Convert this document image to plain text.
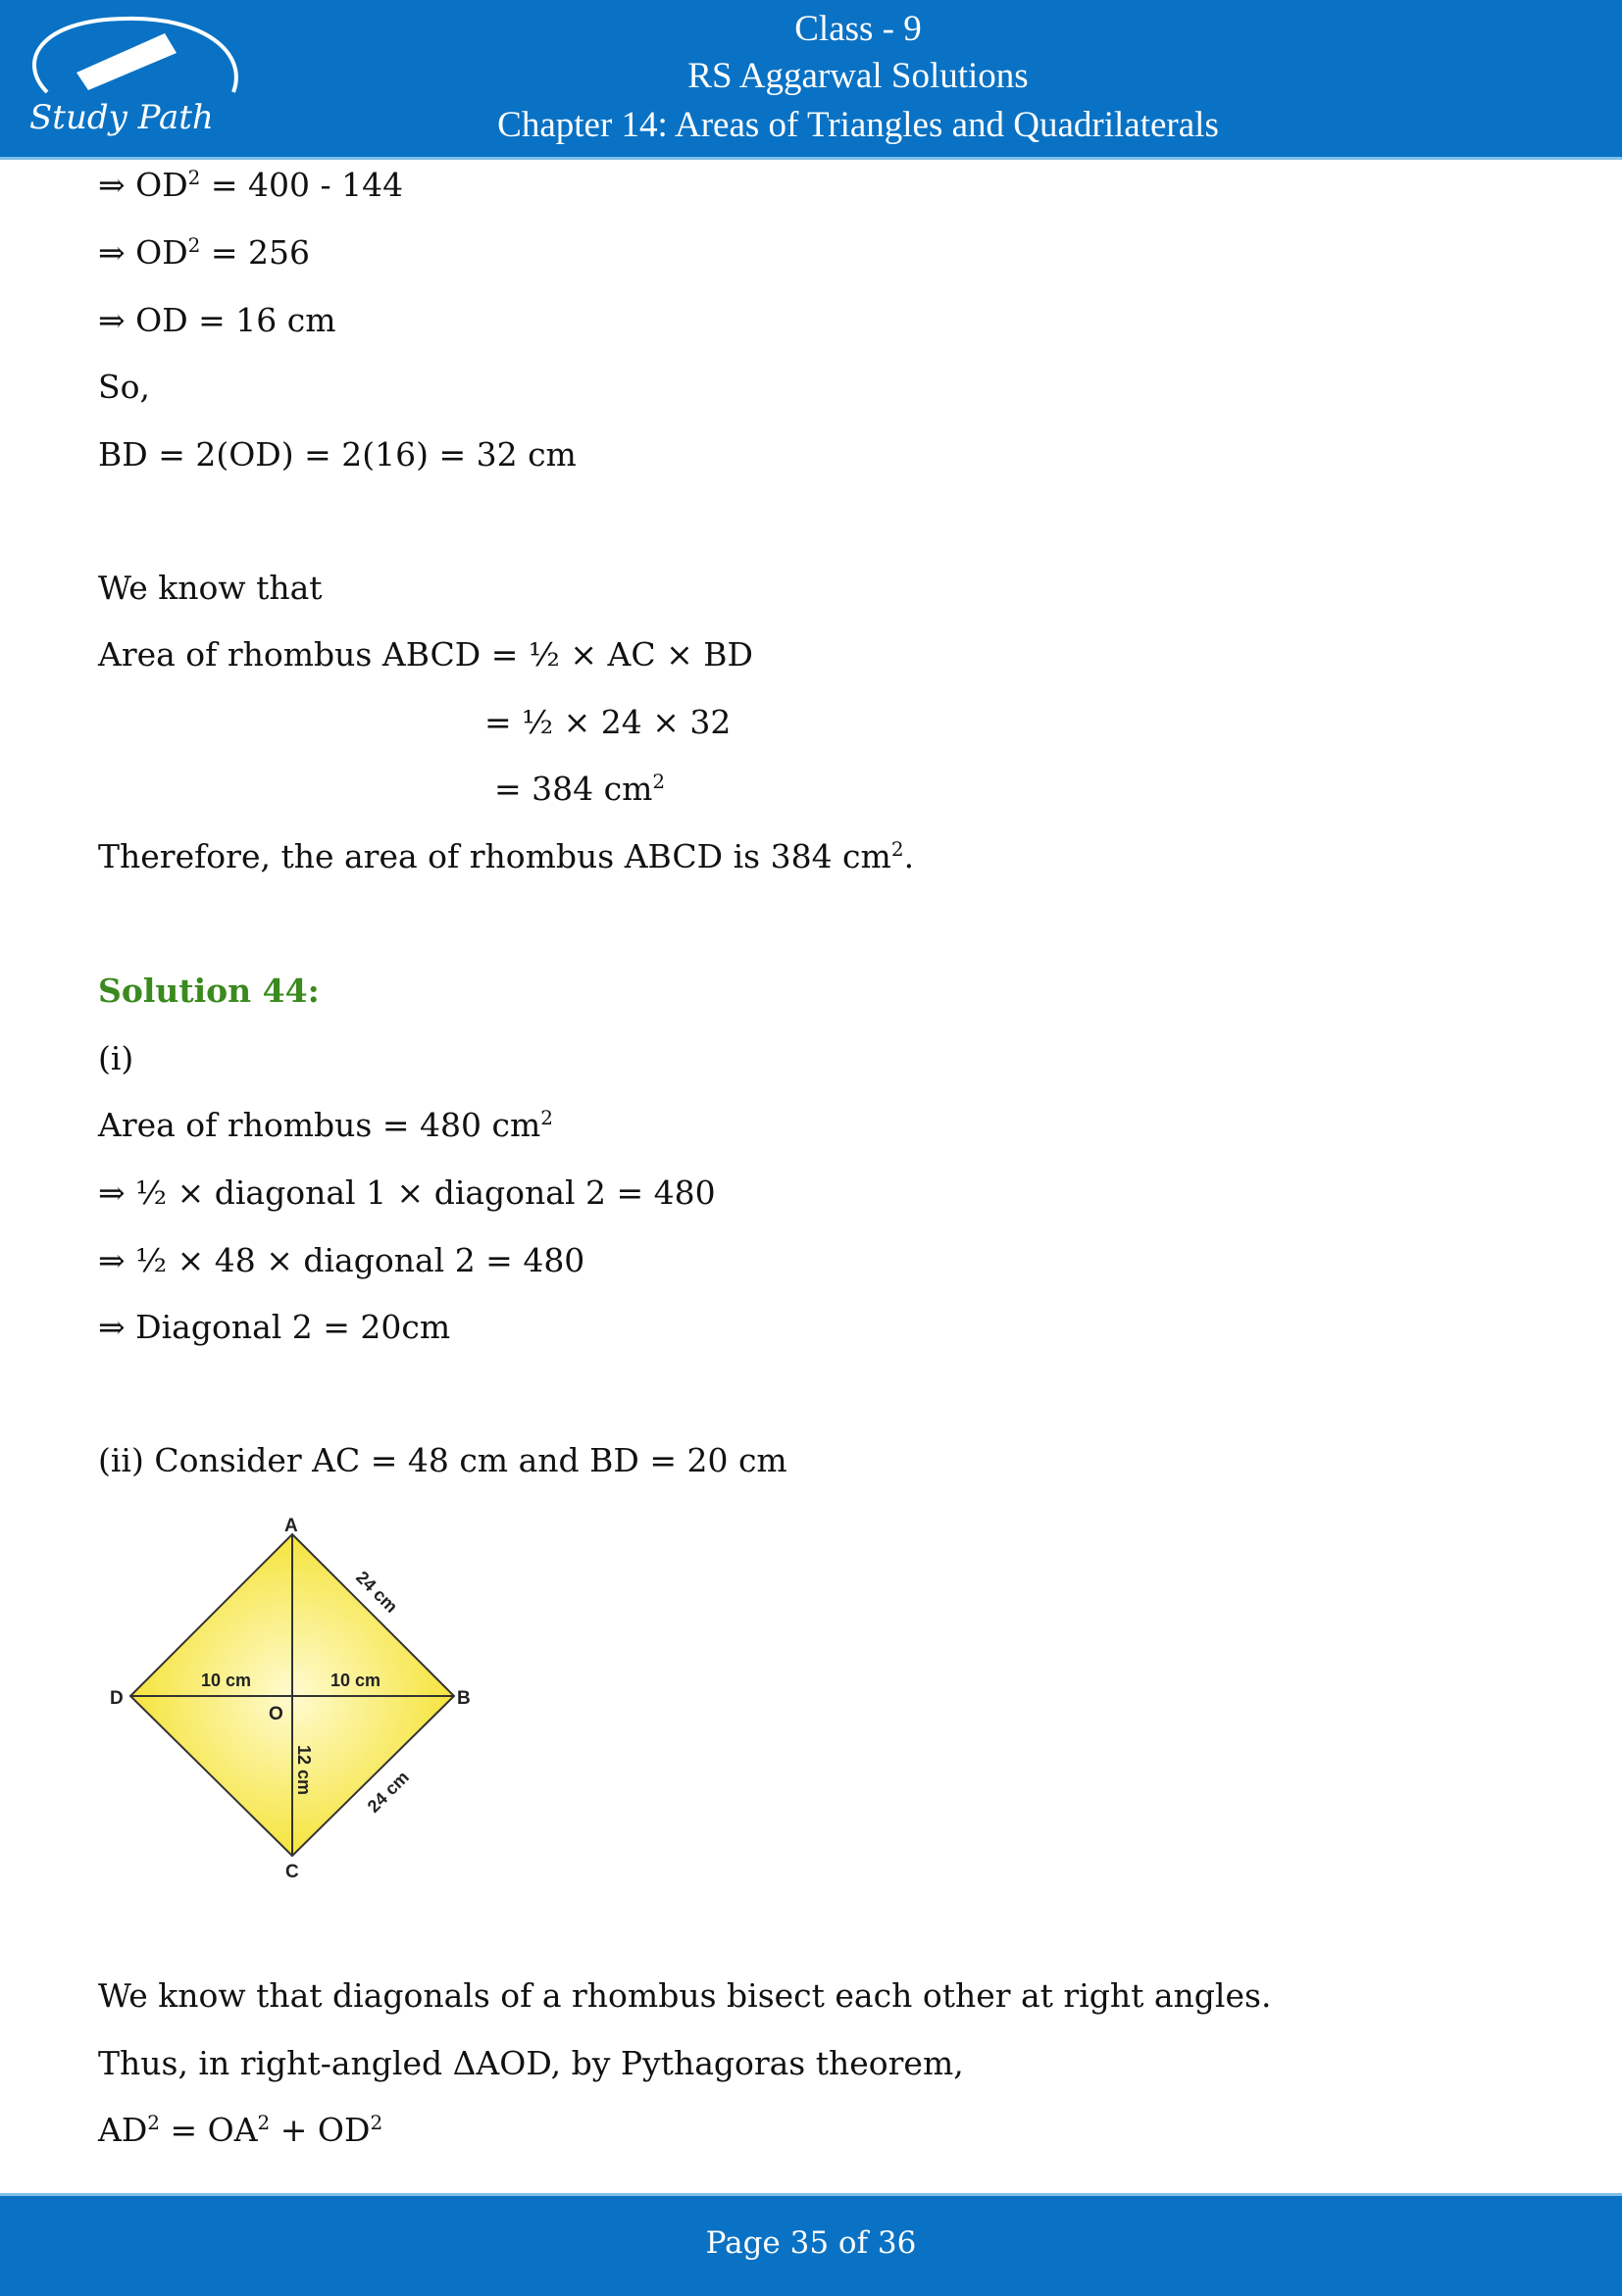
Study Path
Class - 9
RS Aggarwal Solutions
Chapter 14: Areas of Triangles and Quadrilaterals
⇒ $OD^2 = 400 - 144$
⇒ $OD^2 = 256$
⇒ OD = 16 cm
So,
BD = 2(OD) = 2(16) = 32 cm
We know that
Area of rhombus ABCD = ½ × AC × BD
= ½ × 24 × 32
= 384 $cm^2$
Therefore, the area of rhombus ABCD is 384 $cm^2$.
Solution 44:
(i)
Area of rhombus = 480 $cm^2$
⇒ ½ × diagonal 1 × diagonal 2 = 480
⇒ ½ × 48 × diagonal 2 = 480
⇒ Diagonal 2 = 20cm
(ii) Consider AC = 48 cm and BD = 20 cm
We know that diagonals of a rhombus bisect each other at right angles.
Thus, in right-angled ΔAOD, by Pythagoras theorem,
$AD^2 = OA^2 + OD^2$
A
B
C
D
O
10 cm	10 cm
12 cm
24 cm
24 cm
Page 35 of 36
